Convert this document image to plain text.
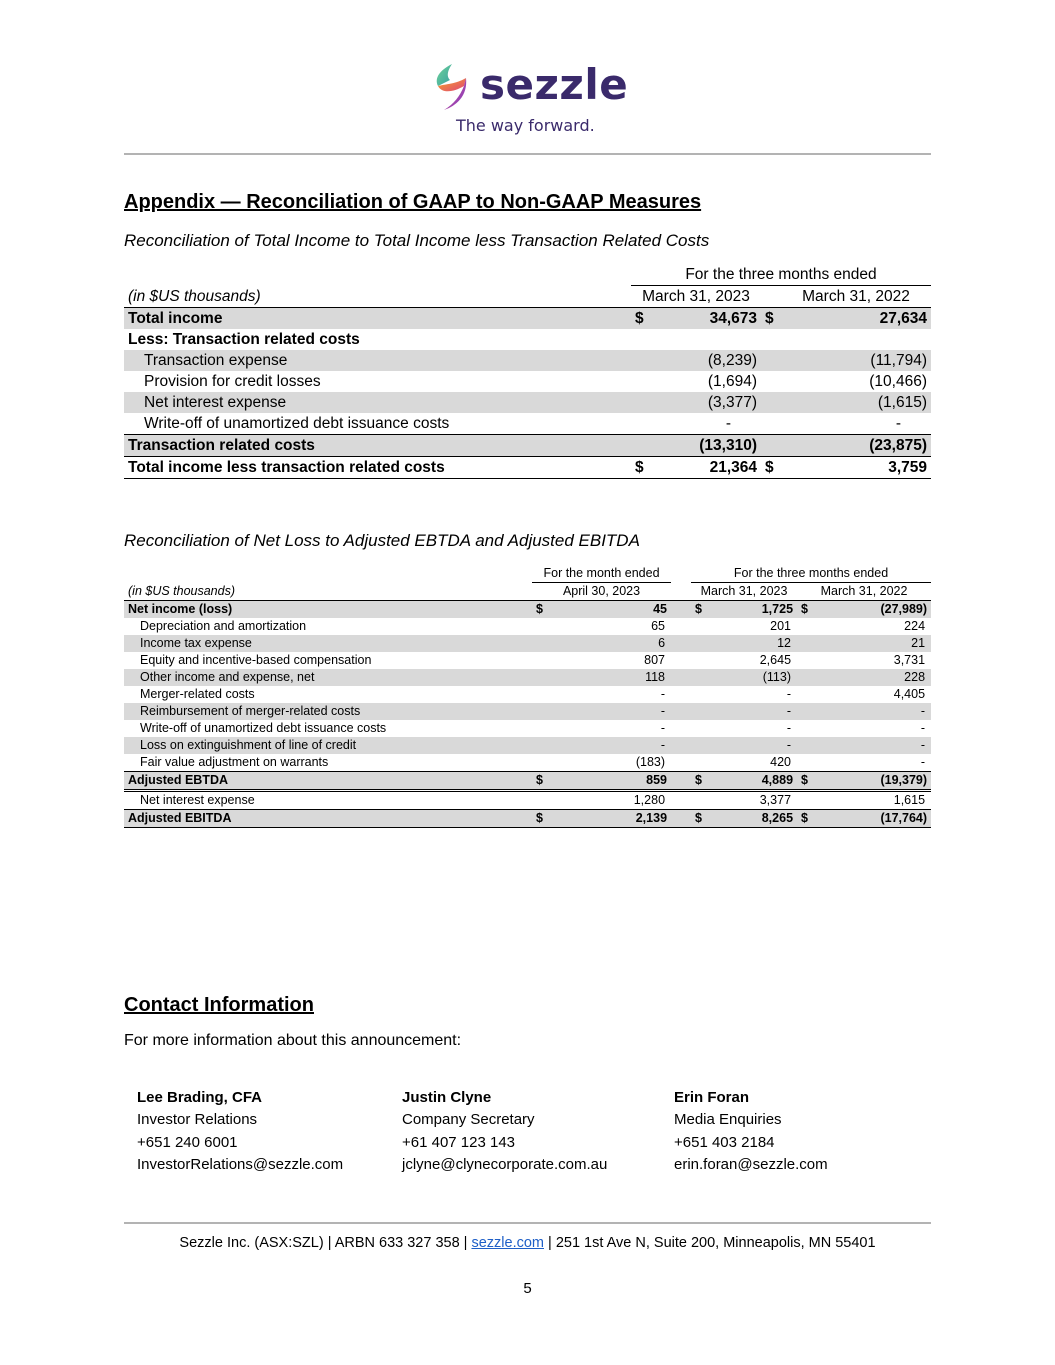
sezzle
The way forward.
Appendix — Reconciliation of GAAP to Non-GAAP Measures
Reconciliation of Total Income to Total Income less Transaction Related Costs
	For the three months ended				
(in $US thousands)	March 31, 2023			March 31, 2022	
Total income	$	34,673	$		27,634
Less: Transaction related costs					
Transaction expense		(8,239)			(11,794)
Provision for credit losses		(1,694)			(10,466)
Net interest expense		(3,377)			(1,615)
Write-off of unamortized debt issuance costs		-			-
Transaction related costs		(13,310)			(23,875)
Total income less transaction related costs	$	21,364	$		3,759
Reconciliation of Net Loss to Adjusted EBTDA and Adjusted EBITDA
	For the month ended			For the three months ended			
(in $US thousands)	April 30, 2023			March 31, 2023		March 31, 2022	
Net income (loss)	$	45		$	1,725	$	(27,989)
Depreciation and amortization		65			201		224
Income tax expense		6			12		21
Equity and incentive-based compensation		807			2,645		3,731
Other income and expense, net		118			(113)		228
Merger-related costs		-			-		4,405
Reimbursement of merger-related costs		-			-		-
Write-off of unamortized debt issuance costs		-			-		-
Loss on extinguishment of line of credit		-			-		-
Fair value adjustment on warrants		(183)			420		-
Adjusted EBTDA	$	859		$	4,889	$	(19,379)
Net interest expense		1,280			3,377		1,615
Adjusted EBITDA	$	2,139		$	8,265	$	(17,764)
Contact Information
For more information about this announcement:
Lee Brading, CFA
Investor Relations
+651 240 6001
InvestorRelations@sezzle.com
Justin Clyne
Company Secretary
+61 407 123 143
jclyne@clynecorporate.com.au
Erin Foran
Media Enquiries
+651 403 2184
erin.foran@sezzle.com
Sezzle Inc. (ASX:SZL) | ARBN 633 327 358 | sezzle.com | 251 1st Ave N, Suite 200, Minneapolis, MN 55401
5
